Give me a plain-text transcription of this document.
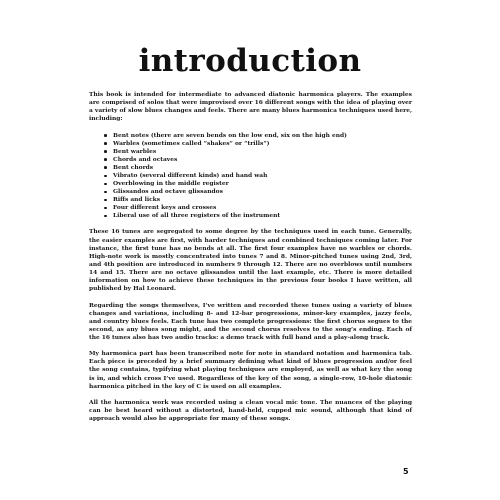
introduction

This book is intended for intermediate to advanced diatonic harmonica players. The examples are comprised of solos that were improvised over 16 different songs with the idea of playing over a variety of slow blues changes and feels. There are many blues harmonica techniques used here, including:

Bent notes (there are seven bends on the low end, six on the high end)
Warbles (sometimes called “shakes” or “trills”)
Bent warbles
Chords and octaves
Bent chords
Vibrato (several different kinds) and hand wah
Overblowing in the middle register
Glissandos and octave glissandos
Riffs and licks
Four different keys and crosses
Liberal use of all three registers of the instrument

These 16 tunes are segregated to some degree by the techniques used in each tune. Generally, the easier examples are first, with harder techniques and combined techniques coming later. For instance, the first tune has no bends at all. The first four examples have no warbles or chords. High-note work is mostly concentrated into tunes 7 and 8. Minor-pitched tunes using 2nd, 3rd, and 4th position are introduced in numbers 9 through 12. There are no overblows until numbers 14 and 15. There are no octave glissandos until the last example, etc. There is more detailed information on how to achieve these techniques in the previous four books I have written, all published by Hal Leonard.

Regarding the songs themselves, I’ve written and recorded these tunes using a variety of blues changes and variations, including 8- and 12-bar progressions, minor-key examples, jazzy feels, and country blues feels. Each tune has two complete progressions: the first chorus segues to the second, as any blues song might, and the second chorus resolves to the song’s ending. Each of the 16 tunes also has two audio tracks: a demo track with full band and a play-along track.

My harmonica part has been transcribed note for note in standard notation and harmonica tab. Each piece is preceded by a brief summary defining what kind of blues progression and/or feel the song contains, typifying what playing techniques are employed, as well as what key the song is in, and which cross I’ve used. Regardless of the key of the song, a single-row, 10-hole diatonic harmonica pitched in the key of C is used on all examples.

All the harmonica work was recorded using a clean vocal mic tone. The nuances of the playing can be best heard without a distorted, hand-held, cupped mic sound, although that kind of approach would also be appropriate for many of these songs.

5
